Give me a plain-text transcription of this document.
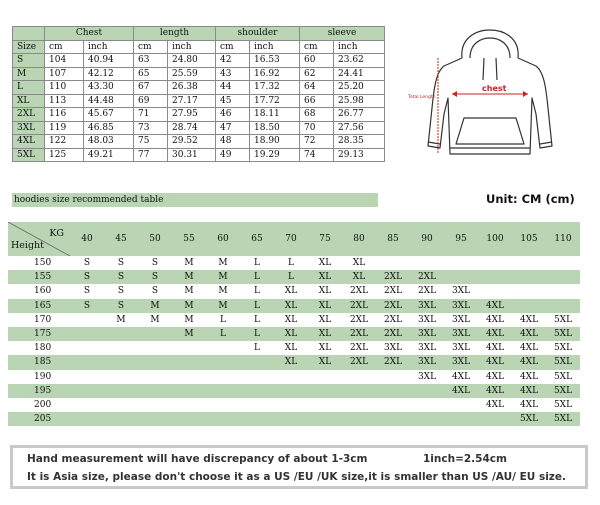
	Chest		length		shoulder		sleeve	
Size	cm	inch	cm	inch	cm	inch	cm	inch
S	104	40.94	63	24.80	42	16.53	60	23.62
M	107	42.12	65	25.59	43	16.92	62	24.41
L	110	43.30	67	26.38	44	17.32	64	25.20
XL	113	44.48	69	27.17	45	17.72	66	25.98
2XL	116	45.67	71	27.95	46	18.11	68	26.77
3XL	119	46.85	73	28.74	47	18.50	70	27.56
4XL	122	48.03	75	29.52	48	18.90	72	28.35
5XL	125	49.21	77	30.31	49	19.29	74	29.13
chest
Total Length
hoodies size recommended table	Unit: CM (cm)
KG
Height	40	45	50	55	60	65	70	75	80	85	90	95	100	105	110
150	S	S	S	M	M	L	L	XL	XL						
155	S	S	S	M	M	L	L	XL	XL	2XL	2XL				
160	S	S	S	M	M	L	XL	XL	2XL	2XL	2XL	3XL			
165	S	S	M	M	M	L	XL	XL	2XL	2XL	3XL	3XL	4XL		
170		M	M	M	L	L	XL	XL	2XL	2XL	3XL	3XL	4XL	4XL	5XL
175				M	L	L	XL	XL	2XL	2XL	3XL	3XL	4XL	4XL	5XL
180						L	XL	XL	2XL	3XL	3XL	3XL	4XL	4XL	5XL
185							XL	XL	2XL	2XL	3XL	3XL	4XL	4XL	5XL
190											3XL	4XL	4XL	4XL	5XL
195												4XL	4XL	4XL	5XL
200													4XL	4XL	5XL
205														5XL	5XL
Hand measurement will have discrepancy of about 1-3cm	1inch=2.54cm
It is Asia size, please don't choose it as a US /EU /UK size,it is smaller than US /AU/ EU size.
